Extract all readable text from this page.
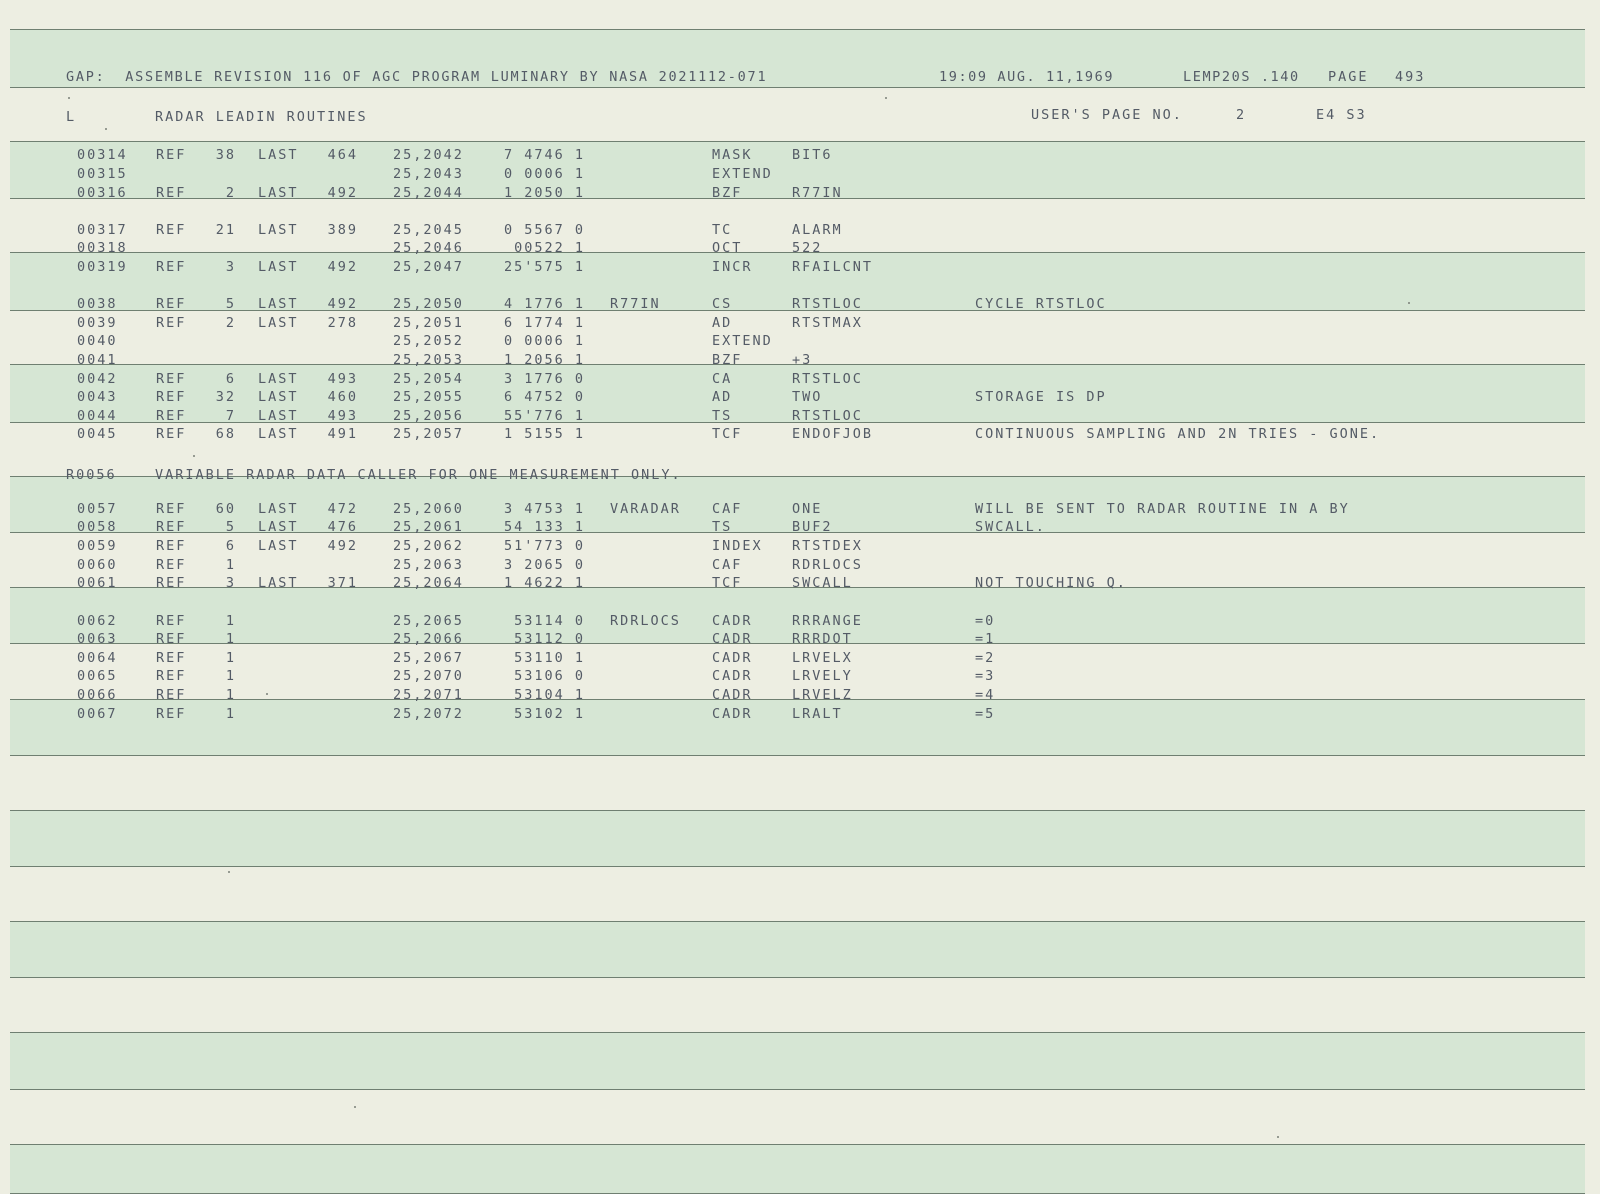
GAP:  ASSEMBLE REVISION 116 OF AGC PROGRAM LUMINARY BY NASA 2021112-071	19:09 AUG. 11,1969	LEMP20S .140 PAGE 493
L	RADAR LEADIN ROUTINES	USER'S PAGE NO.	2	E4 S3
R0056	VARIABLE RADAR DATA CALLER FOR ONE MEASUREMENT ONLY.
00314 REF 38 LAST 464	25,2042	7 4746 1	MASK	BIT6
00315	25,2043	0 0006 1	EXTEND
00316 REF	2 LAST 492	25,2044	1 2050 1	BZF	R77IN
00317 REF 21 LAST 389	25,2045	0 5567 0	TC	ALARM
00318	25,2046	00522 1	OCT	522
00319 REF	3 LAST 492	25,2047	25'575 1	INCR	RFAILCNT
0038	REF	5 LAST 492	25,2050	4 1776 1 R77IN	CS	RTSTLOC	CYCLE RTSTLOC
0039	REF	2 LAST 278	25,2051	6 1774 1	AD	RTSTMAX
0040	25,2052	0 0006 1	EXTEND
0041	25,2053	1 2056 1	BZF	+3
0042	REF	6 LAST 493	25,2054	3 1776 0	CA	RTSTLOC
0043	REF 32 LAST 460	25,2055	6 4752 0	AD	TWO	STORAGE IS DP
0044	REF	7 LAST 493	25,2056	55'776 1	TS	RTSTLOC
0045	REF 68 LAST 491	25,2057	1 5155 1	TCF	ENDOFJOB	CONTINUOUS SAMPLING AND 2N TRIES - GONE.
0057	REF 60 LAST 472	25,2060	3 4753 1 VARADAR CAF	ONE	WILL BE SENT TO RADAR ROUTINE IN A BY
0058	REF	5 LAST 476	25,2061	54 133 1	TS	BUF2	SWCALL.
0059	REF	6 LAST 492	25,2062	51'773 0	INDEX RTSTDEX
0060	REF	1	25,2063	3 2065 0	CAF	RDRLOCS
0061	REF	3 LAST 371	25,2064	1 4622 1	TCF	SWCALL	NOT TOUCHING Q.
0062	REF	1	25,2065	53114 0 RDRLOCS CADR	RRRANGE	=0
0063	REF	1	25,2066	53112 0	CADR	RRRDOT	=1
0064	REF	1	25,2067	53110 1	CADR	LRVELX	=2
0065	REF	1	25,2070	53106 0	CADR	LRVELY	=3
0066	REF	1	25,2071	53104 1	CADR	LRVELZ	=4
0067	REF	1	25,2072	53102 1	CADR	LRALT	=5
